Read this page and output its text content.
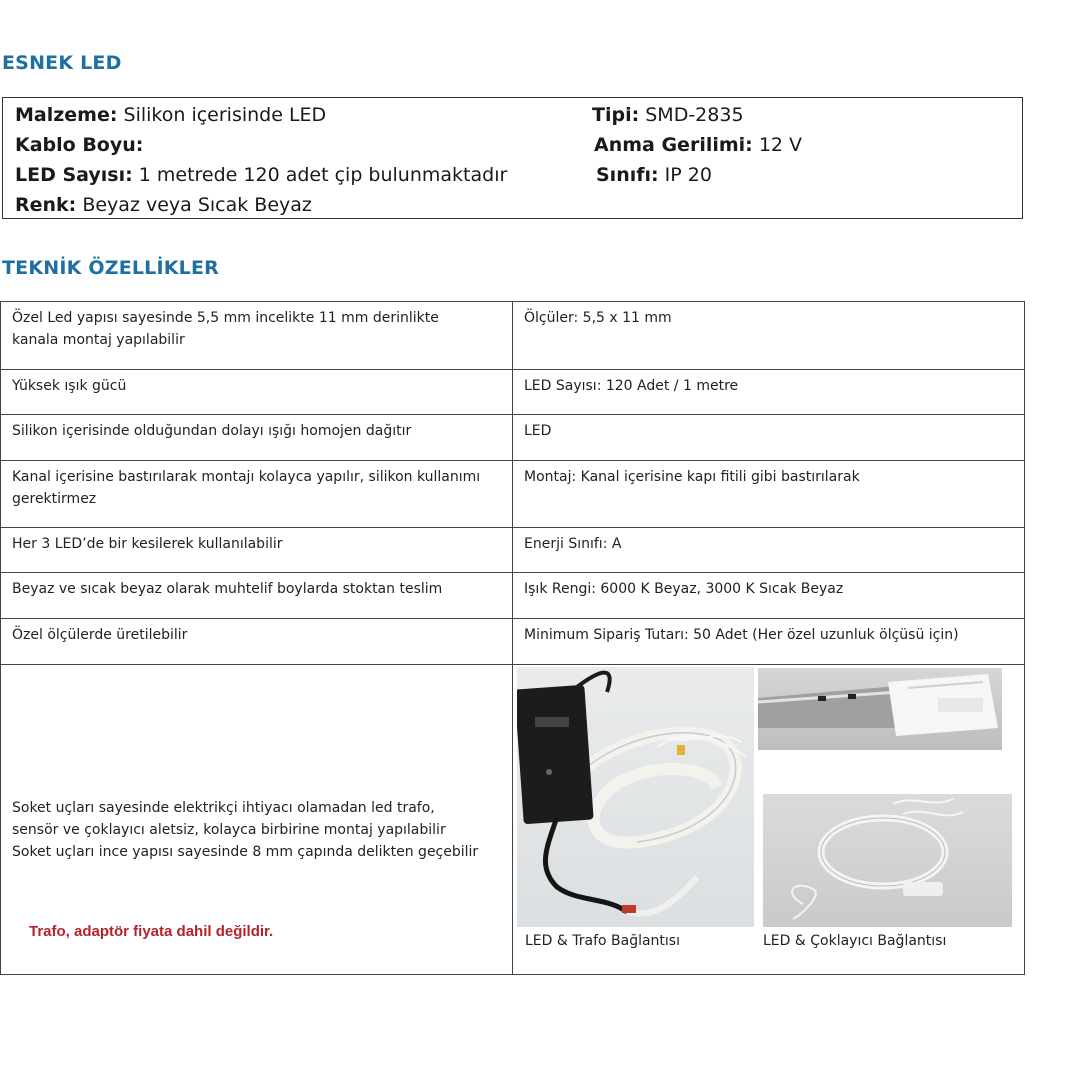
ESNEK LED
Malzeme: Silikon içerisinde LED
Kablo Boyu:
LED Sayısı: 1 metrede 120 adet çip bulunmaktadır
Renk: Beyaz veya Sıcak Beyaz
Tipi: SMD-2835
Anma Gerilimi: 12 V
Sınıfı: IP 20
TEKNİK ÖZELLİKLER
Özel Led yapısı sayesinde 5,5 mm incelikte 11 mm derinlikte
kanala montaj yapılabilir	Ölçüler: 5,5 x 11 mm
Yüksek ışık gücü	LED Sayısı: 120 Adet / 1 metre
Silikon içerisinde olduğundan dolayı ışığı homojen dağıtır	LED
Kanal içerisine bastırılarak montajı kolayca yapılır, silikon kullanımı
gerektirmez	Montaj: Kanal içerisine kapı fitili gibi bastırılarak
Her 3 LED’de bir kesilerek kullanılabilir	Enerji Sınıfı: A
Beyaz ve sıcak beyaz olarak muhtelif boylarda stoktan teslim	Işık Rengi: 6000 K Beyaz, 3000 K Sıcak Beyaz
Özel ölçülerde üretilebilir	Minimum Sipariş Tutarı: 50 Adet (Her özel uzunluk ölçüsü için)

Soket uçları sayesinde elektrikçi ihtiyacı olamadan led trafo,
sensör ve çoklayıcı aletsiz, kolayca birbirine montaj yapılabilir
Soket uçları ince yapısı sayesinde 8 mm çapında delikten geçebilir
Trafo, adaptör fiyata dahil değildir.
LED & Trafo Bağlantısı	LED & Çoklayıcı Bağlantısı
